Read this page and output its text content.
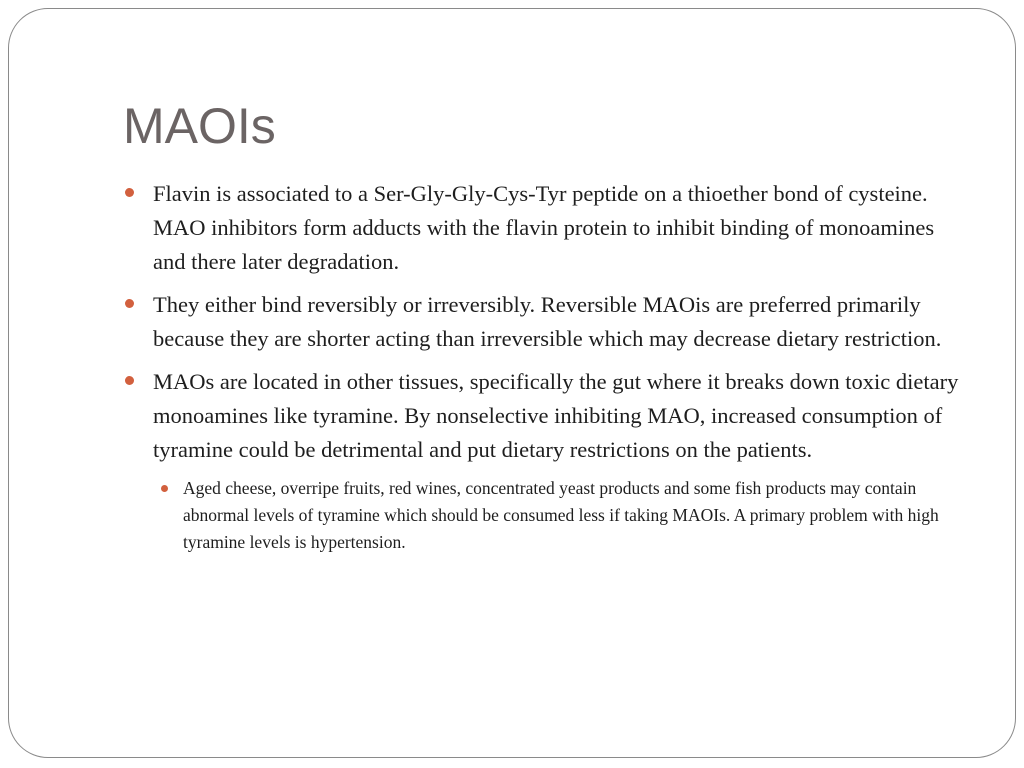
MAOIs
Flavin is associated to a Ser-Gly-Gly-Cys-Tyr peptide on a thioether bond of cysteine. MAO inhibitors form adducts with the flavin protein to inhibit binding of monoamines and there later degradation.
They either bind reversibly or irreversibly. Reversible MAOis are preferred primarily because they are shorter acting than irreversible which may decrease dietary restriction.
MAOs are located in other tissues, specifically the gut where it breaks down toxic dietary monoamines like tyramine. By nonselective inhibiting MAO, increased consumption of tyramine could be detrimental and put dietary restrictions on the patients.
Aged cheese, overripe fruits, red wines, concentrated yeast products and some fish products may contain abnormal levels of tyramine which should be consumed less if taking MAOIs. A primary problem with high tyramine levels is hypertension.
